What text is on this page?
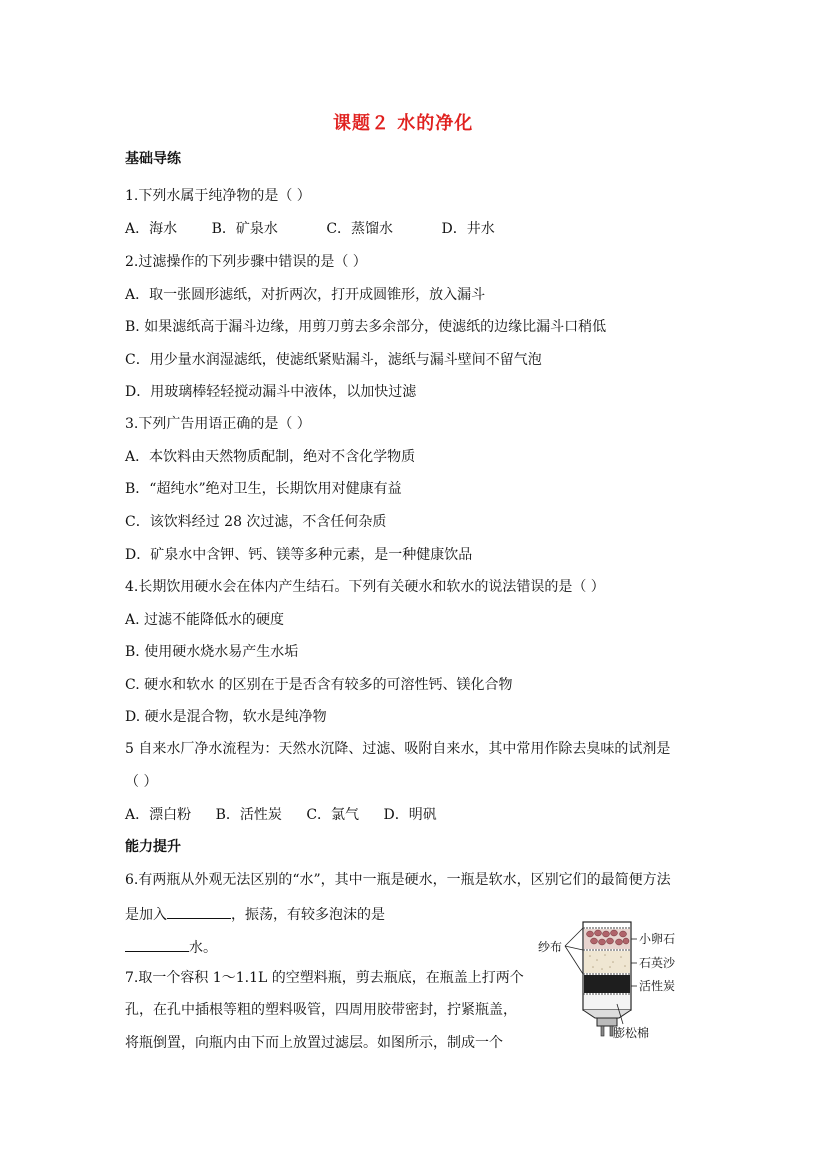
课题２ 水的净化
基础导练
1.下列水属于纯净物的是（ ）
A．海水 B．矿泉水	C．蒸馏水	D．井水
2.过滤操作的下列步骤中错误的是（ ）
A．取一张圆形滤纸，对折两次，打开成圆锥形，放入漏斗
B. 如果滤纸高于漏斗边缘，用剪刀剪去多余部分，使滤纸的边缘比漏斗口稍低
C．用少量水润湿滤纸，使滤纸紧贴漏斗，滤纸与漏斗壁间不留气泡
D．用玻璃棒轻轻搅动漏斗中液体，以加快过滤
3.下列广告用语正确的是（ ）
A．本饮料由天然物质配制，绝对不含化学物质
B．“超纯水”绝对卫生，长期饮用对健康有益
C．该饮料经过 28 次过滤，不含任何杂质
D．矿泉水中含钾、钙、镁等多种元素，是一种健康饮品
4.长期饮用硬水会在体内产生结石。下列有关硬水和软水的说法错误的是（ ）
A. 过滤不能降低水的硬度
B. 使用硬水烧水易产生水垢
C. 硬水和软水 的区别在于是否含有较多的可溶性钙、镁化合物
D. 硬水是混合物，软水是纯净物
5 自来水厂净水流程为：天然水沉降、过滤、吸附自来水，其中常用作除去臭味的试剂是
（ ）
A．漂白粉 B．活性炭 C．氯气 D．明矾
能力提升
6.有两瓶从外观无法区别的“水”，其中一瓶是硬水，一瓶是软水，区别它们的最简便方法
是加入	，振荡，有较多泡沫的是
水。
7.取一个容积 1～1.1L 的空塑料瓶，剪去瓶底，在瓶盖上打两个
孔，在孔中插根等粗的塑料吸管，四周用胶带密封，拧紧瓶盖，
将瓶倒置，向瓶内由下而上放置过滤层。如图所示，制成一个
纱布
小卵石
石英沙
活性炭
膨松棉
